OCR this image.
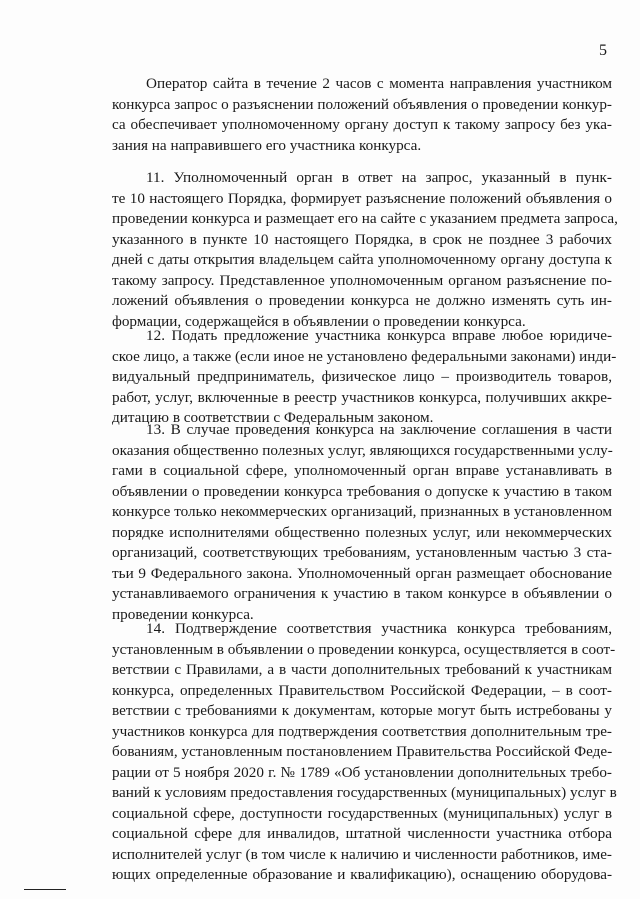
5
Оператор сайта в течение 2 часов с момента направления участником
конкурса запрос о разъяснении положений объявления о проведении конкур-
са обеспечивает уполномоченному органу доступ к такому запросу без ука-
зания на направившего его участника конкурса.
11. Уполномоченный орган в ответ на запрос, указанный в пунк-
те 10 настоящего Порядка, формирует разъяснение положений объявления о
проведении конкурса и размещает его на сайте с указанием предмета запроса,
указанного в пункте 10 настоящего Порядка, в срок не позднее 3 рабочих
дней с даты открытия владельцем сайта уполномоченному органу доступа к
такому запросу. Представленное уполномоченным органом разъяснение по-
ложений объявления о проведении конкурса не должно изменять суть ин-
формации, содержащейся в объявлении о проведении конкурса.
12. Подать предложение участника конкурса вправе любое юридиче-
ское лицо, а также (если иное не установлено федеральными законами) инди-
видуальный предприниматель, физическое лицо – производитель товаров,
работ, услуг, включенные в реестр участников конкурса, получивших аккре-
дитацию в соответствии с Федеральным законом.
13. В случае проведения конкурса на заключение соглашения в части
оказания общественно полезных услуг, являющихся государственными услу-
гами в социальной сфере, уполномоченный орган вправе устанавливать в
объявлении о проведении конкурса требования о допуске к участию в таком
конкурсе только некоммерческих организаций, признанных в установленном
порядке исполнителями общественно полезных услуг, или некоммерческих
организаций, соответствующих требованиям, установленным частью 3 ста-
тьи 9 Федерального закона. Уполномоченный орган размещает обоснование
устанавливаемого ограничения к участию в таком конкурсе в объявлении о
проведении конкурса.
14. Подтверждение соответствия участника конкурса требованиям,
установленным в объявлении о проведении конкурса, осуществляется в соот-
ветствии с Правилами, а в части дополнительных требований к участникам
конкурса, определенных Правительством Российской Федерации, – в соот-
ветствии с требованиями к документам, которые могут быть истребованы у
участников конкурса для подтверждения соответствия дополнительным тре-
бованиям, установленным постановлением Правительства Российской Феде-
рации от 5 ноября 2020 г. № 1789 «Об установлении дополнительных требо-
ваний к условиям предоставления государственных (муниципальных) услуг в
социальной сфере, доступности государственных (муниципальных) услуг в
социальной сфере для инвалидов, штатной численности участника отбора
исполнителей услуг (в том числе к наличию и численности работников, име-
ющих определенные образование и квалификацию), оснащению оборудова-
